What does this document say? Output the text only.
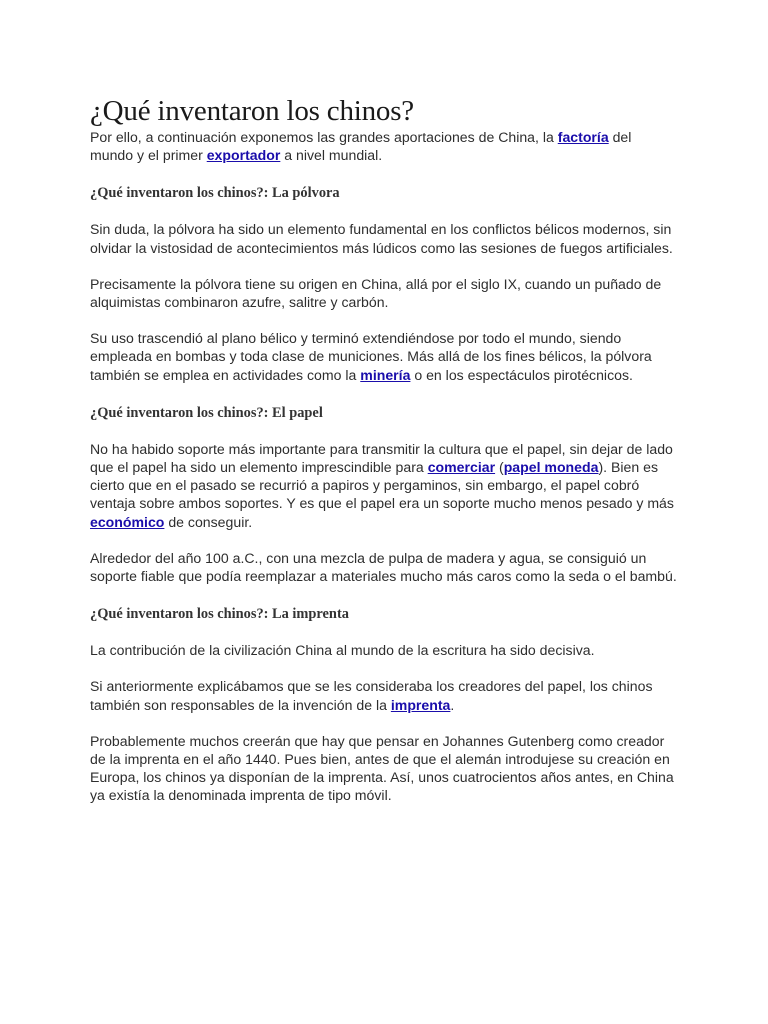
¿Qué inventaron los chinos?

Por ello, a continuación exponemos las grandes aportaciones de China, la factoría del mundo y el primer exportador a nivel mundial.

¿Qué inventaron los chinos?: La pólvora

Sin duda, la pólvora ha sido un elemento fundamental en los conflictos bélicos modernos, sin olvidar la vistosidad de acontecimientos más lúdicos como las sesiones de fuegos artificiales.

Precisamente la pólvora tiene su origen en China, allá por el siglo IX, cuando un puñado de alquimistas combinaron azufre, salitre y carbón.

Su uso trascendió al plano bélico y terminó extendiéndose por todo el mundo, siendo empleada en bombas y toda clase de municiones. Más allá de los fines bélicos, la pólvora también se emplea en actividades como la minería o en los espectáculos pirotécnicos.

¿Qué inventaron los chinos?: El papel

No ha habido soporte más importante para transmitir la cultura que el papel, sin dejar de lado que el papel ha sido un elemento imprescindible para comerciar (papel moneda). Bien es cierto que en el pasado se recurrió a papiros y pergaminos, sin embargo, el papel cobró ventaja sobre ambos soportes. Y es que el papel era un soporte mucho menos pesado y más económico de conseguir.

Alrededor del año 100 a.C., con una mezcla de pulpa de madera y agua, se consiguió un soporte fiable que podía reemplazar a materiales mucho más caros como la seda o el bambú.

¿Qué inventaron los chinos?: La imprenta

La contribución de la civilización China al mundo de la escritura ha sido decisiva.

Si anteriormente explicábamos que se les consideraba los creadores del papel, los chinos también son responsables de la invención de la imprenta.

Probablemente muchos creerán que hay que pensar en Johannes Gutenberg como creador de la imprenta en el año 1440. Pues bien, antes de que el alemán introdujese su creación en Europa, los chinos ya disponían de la imprenta. Así, unos cuatrocientos años antes, en China ya existía la denominada imprenta de tipo móvil.
